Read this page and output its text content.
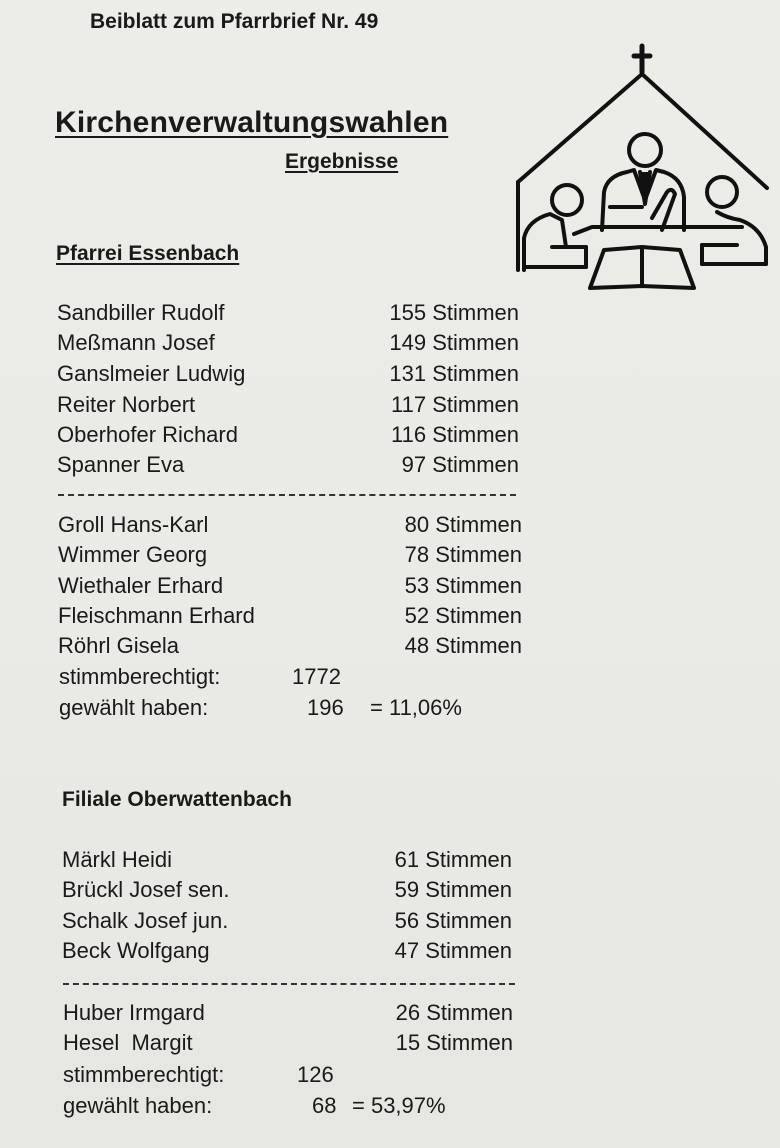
Beiblatt zum Pfarrbrief Nr. 49
Kirchenverwaltungswahlen
Ergebnisse
Pfarrei Essenbach
Sandbiller Rudolf	155 Stimmen
Meßmann Josef	149 Stimmen
Ganslmeier Ludwig	131 Stimmen
Reiter Norbert	117 Stimmen
Oberhofer Richard	116 Stimmen
Spanner Eva	97 Stimmen
Groll Hans-Karl	80 Stimmen
Wimmer Georg	78 Stimmen
Wiethaler Erhard	53 Stimmen
Fleischmann Erhard	52 Stimmen
Röhrl Gisela	48 Stimmen
stimmberechtigt:	1772
gewählt haben:	196 = 11,06%
Filiale Oberwattenbach
Märkl Heidi	61 Stimmen
Brückl Josef sen.	59 Stimmen
Schalk Josef jun.	56 Stimmen
Beck Wolfgang	47 Stimmen
Huber Irmgard	26 Stimmen
Hesel  Margit	15 Stimmen
stimmberechtigt:	126
gewählt haben:	68 = 53,97%
